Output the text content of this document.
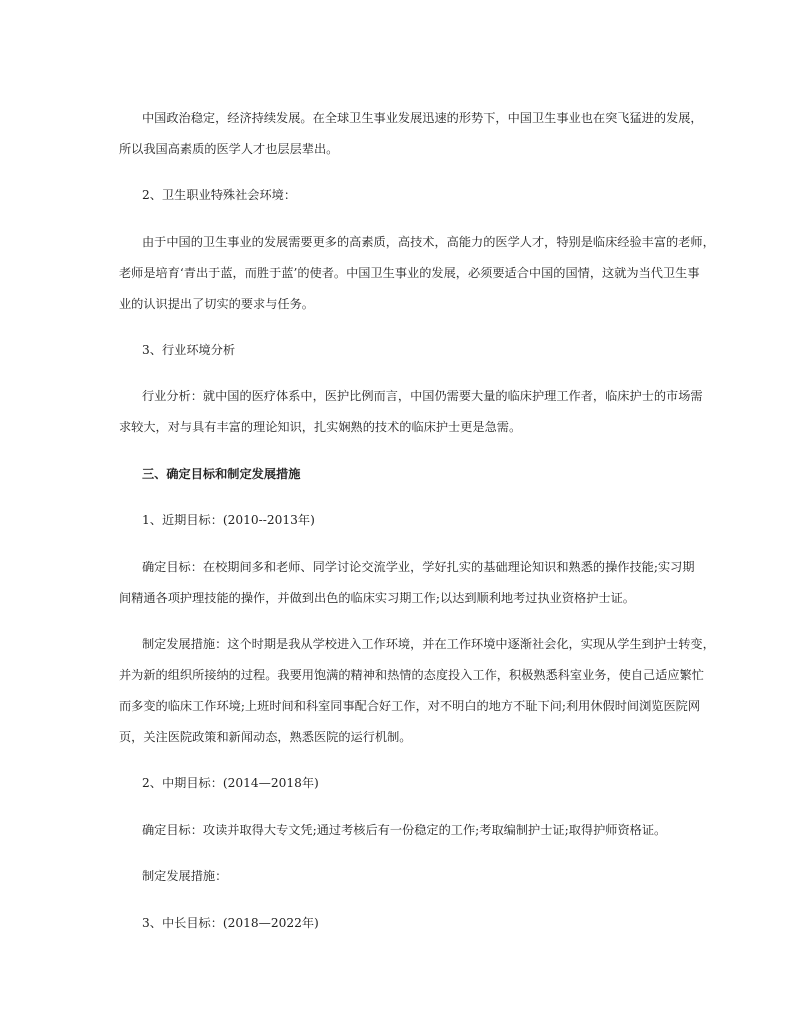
中国政治稳定，经济持续发展。在全球卫生事业发展迅速的形势下，中国卫生事业也在突飞猛进的发展，
所以我国高素质的医学人才也层层辈出。

2、卫生职业特殊社会环境：

由于中国的卫生事业的发展需要更多的高素质，高技术，高能力的医学人才，特别是临床经验丰富的老师，
老师是培育‘青出于蓝，而胜于蓝’的使者。中国卫生事业的发展，必须要适合中国的国情，这就为当代卫生事
业的认识提出了切实的要求与任务。

3、行业环境分析

行业分析：就中国的医疗体系中，医护比例而言，中国仍需要大量的临床护理工作者，临床护士的市场需
求较大，对与具有丰富的理论知识，扎实娴熟的技术的临床护士更是急需。

三、确定目标和制定发展措施

1、近期目标：(2010--2013年)

确定目标：在校期间多和老师、同学讨论交流学业，学好扎实的基础理论知识和熟悉的操作技能;实习期
间精通各项护理技能的操作，并做到出色的临床实习期工作;以达到顺利地考过执业资格护士证。

制定发展措施：这个时期是我从学校进入工作环境，并在工作环境中逐渐社会化，实现从学生到护士转变，
并为新的组织所接纳的过程。我要用饱满的精神和热情的态度投入工作，积极熟悉科室业务，使自己适应繁忙
而多变的临床工作环境;上班时间和科室同事配合好工作，对不明白的地方不耻下问;利用休假时间浏览医院网
页，关注医院政策和新闻动态，熟悉医院的运行机制。

2、中期目标：(2014—2018年)

确定目标：攻读并取得大专文凭;通过考核后有一份稳定的工作;考取编制护士证;取得护师资格证。

制定发展措施：

3、中长目标：(2018—2022年)
